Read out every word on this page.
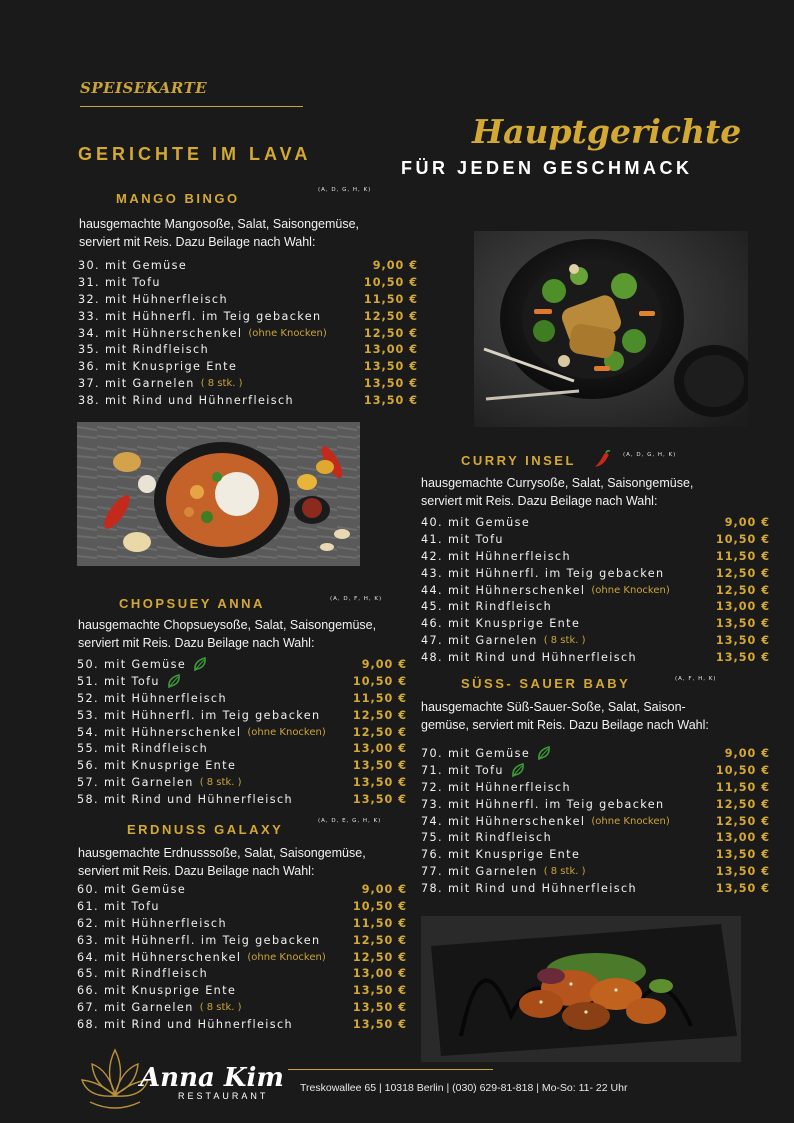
SPEISEKARTE
GERICHTE IM LAVA
Hauptgerichte
FÜR JEDEN GESCHMACK
MANGO BINGO
(A, D, G, H, K)
hausgemachte Mangosoße, Salat, Saisongemüse,
serviert mit Reis. Dazu Beilage nach Wahl:
30. mit Gemüse	9,00 €
31. mit Tofu	10,50 €
32. mit Hühnerfleisch	11,50 €
33. mit Hühnerfl. im Teig gebacken	12,50 €
34. mit Hühnerschenkel (ohne Knocken)	12,50 €
35. mit Rindfleisch	13,00 €
36. mit Knusprige Ente	13,50 €
37. mit Garnelen ( 8 stk. )	13,50 €
38. mit Rind und Hühnerfleisch	13,50 €
CURRY INSEL	(A, D, G, H, K)
hausgemachte Currysoße, Salat, Saisongemüse,
serviert mit Reis. Dazu Beilage nach Wahl:
40. mit Gemüse	9,00 €
41. mit Tofu	10,50 €
42. mit Hühnerfleisch	11,50 €
43. mit Hühnerfl. im Teig gebacken	12,50 €
44. mit Hühnerschenkel (ohne Knocken)	12,50 €
45. mit Rindfleisch	13,00 €
46. mit Knusprige Ente	13,50 €
47. mit Garnelen ( 8 stk. )	13,50 €
48. mit Rind und Hühnerfleisch	13,50 €
CHOPSUEY ANNA	(A, D, F, H, K)
hausgemachte Chopsueysoße, Salat, Saisongemüse,
serviert mit Reis. Dazu Beilage nach Wahl:
50. mit Gemüse	9,00 €
51. mit Tofu	10,50 €
52. mit Hühnerfleisch	11,50 €
53. mit Hühnerfl. im Teig gebacken	12,50 €
54. mit Hühnerschenkel (ohne Knocken) 12,50 €
55. mit Rindfleisch	13,00 €
56. mit Knusprige Ente	13,50 €
57. mit Garnelen ( 8 stk. )	13,50 €
58. mit Rind und Hühnerfleisch	13,50 €
SÜSS- SAUER BABY	(A, F, H, K)
hausgemachte Süß-Sauer-Soße, Salat, Saison-
gemüse, serviert mit Reis. Dazu Beilage nach Wahl:
70. mit Gemüse	9,00 €
71. mit Tofu	10,50 €
72. mit Hühnerfleisch	11,50 €
73. mit Hühnerfl. im Teig gebacken	12,50 €
74. mit Hühnerschenkel (ohne Knocken)	12,50 €
75. mit Rindfleisch	13,00 €
76. mit Knusprige Ente	13,50 €
77. mit Garnelen ( 8 stk. )	13,50 €
78. mit Rind und Hühnerfleisch	13,50 €
ERDNUSS GALAXY
(A, D, E, G, H, K)
hausgemachte Erdnusssoße, Salat, Saisongemüse,
serviert mit Reis. Dazu Beilage nach Wahl:
60. mit Gemüse	9,00 €
61. mit Tofu	10,50 €
62. mit Hühnerfleisch	11,50 €
63. mit Hühnerfl. im Teig gebacken	12,50 €
64. mit Hühnerschenkel (ohne Knocken) 12,50 €
65. mit Rindfleisch	13,00 €
66. mit Knusprige Ente	13,50 €
67. mit Garnelen ( 8 stk. )	13,50 €
68. mit Rind und Hühnerfleisch	13,50 €
Anna Kim
RESTAURANT
Treskowallee 65 | 10318 Berlin | (030) 629-81-818 | Mo-So: 11- 22 Uhr
